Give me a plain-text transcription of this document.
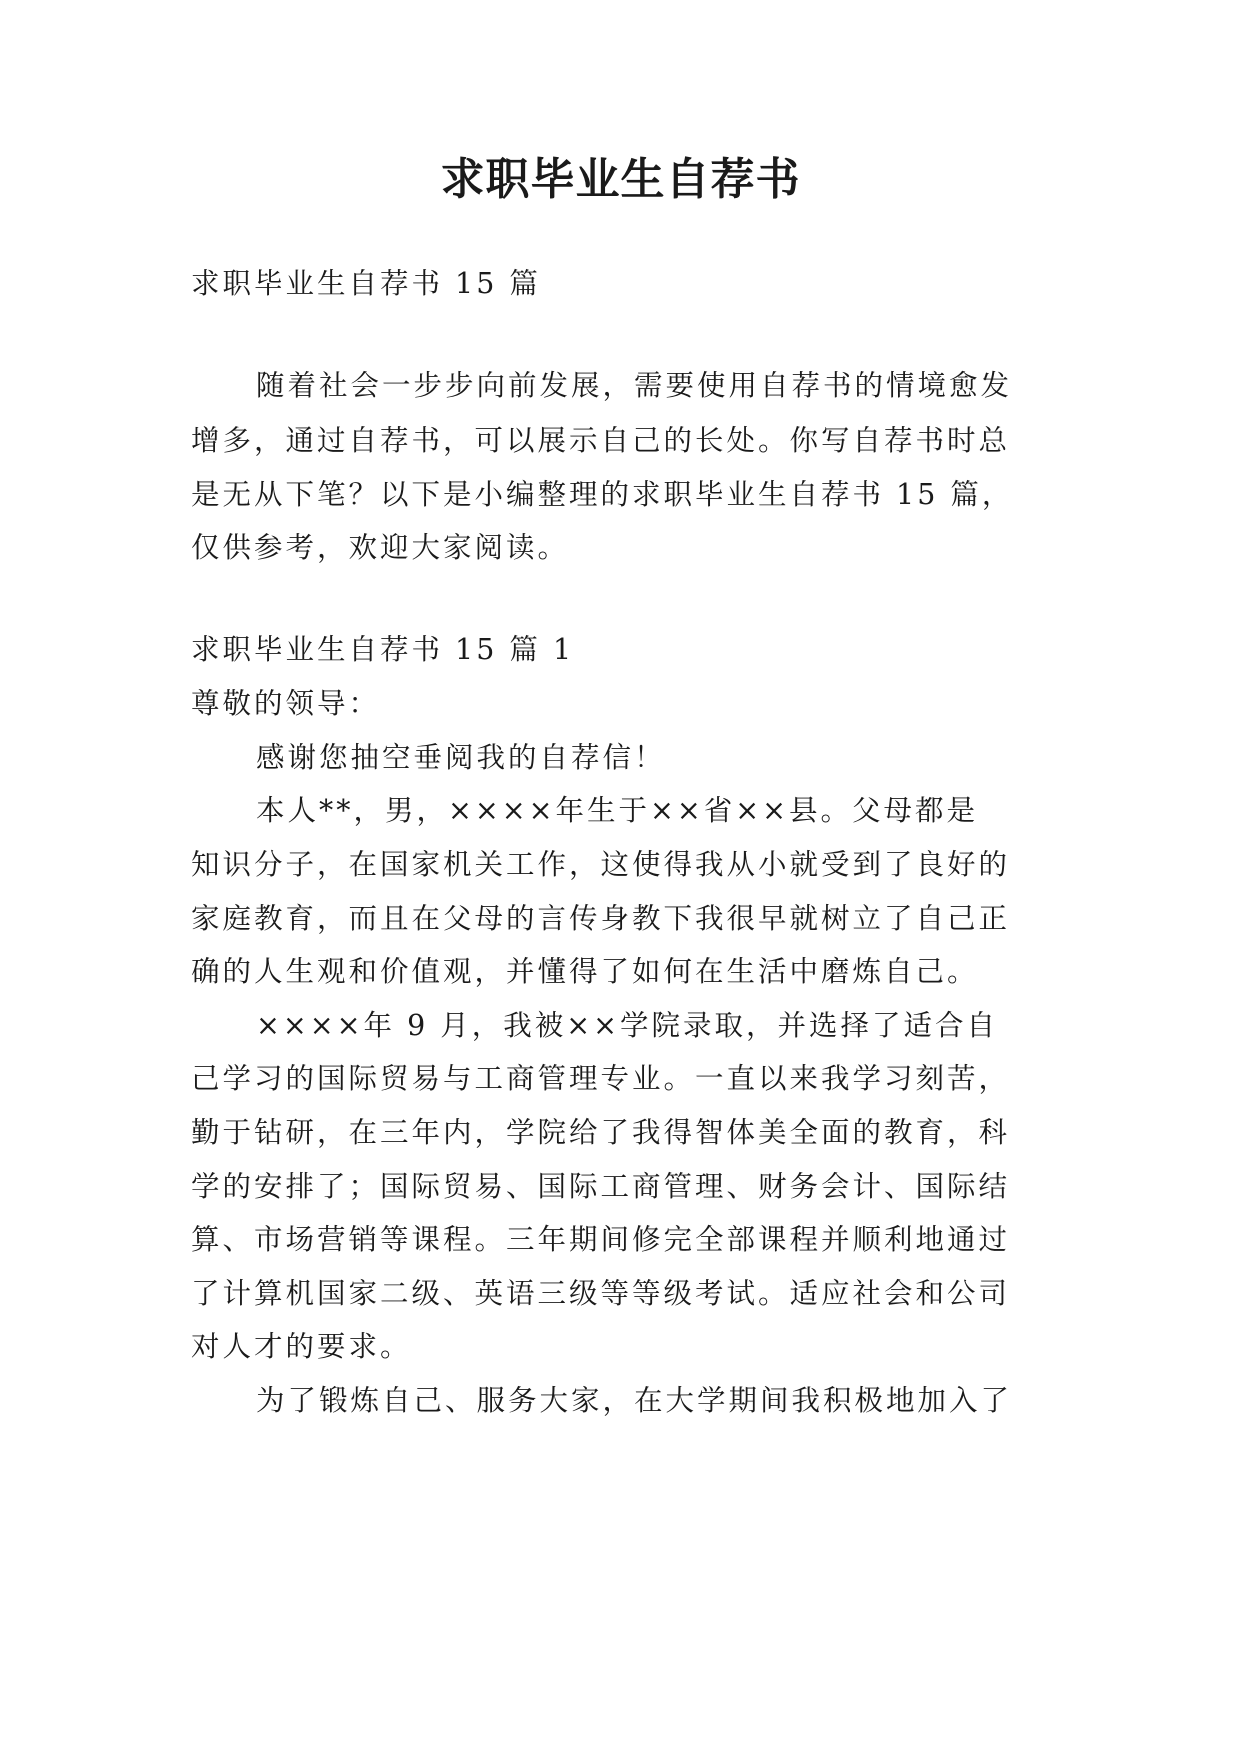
求职毕业生自荐书
求职毕业生自荐书 15 篇
随着社会一步步向前发展，需要使用自荐书的情境愈发
增多，通过自荐书，可以展示自己的长处。你写自荐书时总
是无从下笔？以下是小编整理的求职毕业生自荐书 15 篇，
仅供参考，欢迎大家阅读。
求职毕业生自荐书 15 篇 1
尊敬的领导：
感谢您抽空垂阅我的自荐信！
本人**，男，××××年生于××省××县。父母都是
知识分子，在国家机关工作，这使得我从小就受到了良好的
家庭教育，而且在父母的言传身教下我很早就树立了自己正
确的人生观和价值观，并懂得了如何在生活中磨炼自己。
××××年 9 月，我被××学院录取，并选择了适合自
己学习的国际贸易与工商管理专业。一直以来我学习刻苦，
勤于钻研，在三年内，学院给了我得智体美全面的教育，科
学的安排了；国际贸易、国际工商管理、财务会计、国际结
算、市场营销等课程。三年期间修完全部课程并顺利地通过
了计算机国家二级、英语三级等等级考试。适应社会和公司
对人才的要求。
为了锻炼自己、服务大家，在大学期间我积极地加入了
